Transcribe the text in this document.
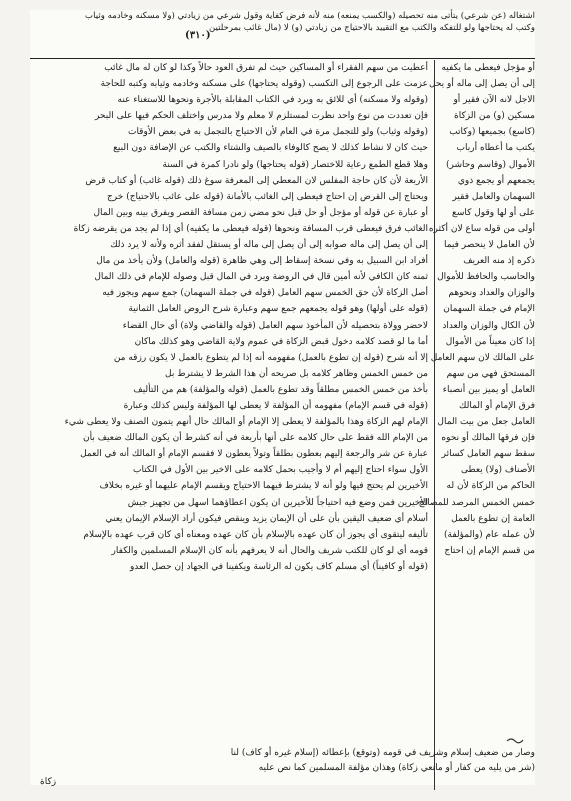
اشتغاله (عن شرعي) يتأتى منه تحصيله (والكسب يمنعه) منه لأنه فرض كفاية وقول شرعي من زيادتي (ولا مسكنه وخادمه وثياب
وكتب له يحتاجها ولو للتفكه والكتب مع التقييد بالاحتياج من زيادتي (و) لا (مال غائب بمرحلتين
(٣١٠)
أو مؤجل فيعطى ما يكفيه
إلى أن يصل إلى ماله أو يحل
الاجل لانه الآن فقير أو
مسكين (و) من الزكاة
(كاسع) بجميعها (وكاتب
يكتب ما أعطاه أرباب
الأموال (وقاسم وحاشر)
يجمعهم أو يجمع ذوي
السهمان والعامل فقير
على أو لها وقول كاسع
أولى من قوله ساع لان أكثره
لأن العامل لا ينحصر فيما
ذكره إذ منه العريف
والحاسب والحافظ للأموال
والوزان والعداد ونحوهم
الإمام في جملة السهمان
لأن الكال والوزان والعداد
إذا كان معيناً من الأموال
على المالك لان سهم العامل
المستحق فهي من سهم
العامل أو يميز بين أنصباء
فرق الإمام أو المالك
العامل جعل من بيت المال
فإن فرقها المالك أو نحوه
سقط سهم العامل كسائر
الأصناف (ولا) يعطى
الحاكم من الزكاة لأن له
خمس الخمس المرصد للمصالح
العامة إن تطوع بالعمل
لأن عمله عام (والمؤلفة)
من قسم الإمام إن احتاج
أعطيت من سهم الفقراء أو المساكين حيث لم تفرق العود حالاً وكذا لو كان له مال غائب
عزمت على الرجوع إلى التكسب (وقوله يحتاجها) على مسكنه وخادمه وثيابه وكتبه للحاجة
(وقوله ولا مسكنه) أي للائق به ويرد في الكتاب المقابلة بالأجرة ونحوها للاستغناء عنه
فإن تعددت من نوع واحد نظرت لمستلزم لا معلم ولا مدرس واختلف الحكم فيها على البحر
(وقوله وثياب) ولو للتجمل مرة في العام لأن الاحتياج بالتجمل به في بعض الأوقات
حيث كان لا نشاط كذلك لا يصح كالوفاء بالصيف والشتاء والكتب عن الإضافة دون البيع
وهلا قطع الطمع رعاية للاختصار (قوله يحتاجها) ولو نادرا كمرة في السنة
الأربعة لأن كان حاجة المفلس لان المعطي إلى المعرفة سوغ ذلك (قوله غائب) أو كتاب قرض
ويحتاج إلى القرض إن احتاج فيعطى إلى الغائب بالأمانة (قوله على عائب بالاحتياج) خرج
أو عبارة عن قوله أو مؤجل أو حل قبل نحو مضي زمن مسافة القصر ويفرق بينه وبين المال
الغائب فرق فيعطى قرب المسافة ونحوها (قوله فيعطى ما يكفيه) أي إذا لم يجد من يقرضه زكاة
إلى أن يصل إلى ماله صوابه إلى أن يصل إلى ماله أو يستقل لفقد أثره ولأنه لا يرد ذلك
أفراد ابن السبيل به وفي نسخة إسقاط إلى وهي ظاهرة (قوله والعامل) ولأن يأخذ من مال
ثمنه كان الكافي لأنه أمين قال في الروضة ويرد في المال قبل وصوله للإمام في ذلك المال
أصل الزكاة لأن حق الخمس سهم العامل (قوله في جملة السهمان) جمع سهم ويجوز فيه
(قوله على أولها) وهو قوله يجمعهم جمع سهم وعبارة شرح الروض العامل الثمانية
لاحضر وولاة بتحصيله لأن المأخوذ سهم العامل (قوله والقاضي ولاة) أي حال القضاء
أما ما لو قصد كلامه دخول قبض الزكاة في عموم ولاية القاضي وهو كذلك ماكان
إلا أنه شرح (قوله إن تطوع بالعمل) مفهومه أنه إذا لم يتطوع بالعمل لا يكون رزقه من
من خمس الخمس وظاهر كلامه بل صريحه أن هذا الشرط لا يشترط بل
بأخذ من خمس الخمس مطلقاً وقد تطوع بالعمل (قوله والمؤلفة) هم من التأليف
(قوله في قسم الإمام) مفهومه أن المؤلفة لا يعطى لها المؤلفة وليس كذلك وعبارة
الإمام لهم الزكاة وهذا بالمؤلفة لا يعطى إلا الإمام أو المالك حال أنهم يتمون الصنف ولا يعطى شيء
من الإمام الله فقط على حال كلامه على أنها بأربعة في أنه كشرط أن يكون المالك ضعيف بأن
عبارة عن شر والرجعة إليهم بعطون بطلقاً وتولاً يعطون لا فقسم الإمام أو المالك أنه في العمل
الأول سواء احتاج إليهم أم لا وأجيب بحمل كلامه على الاخير بين الأول في الكتاب
الأخيرين لم يحتج فيها ولو أنه لا يشترط فيهما الاحتياج ويقسم الإمام عليهما أو غيره بخلاف
الأخيرين فمن وضع فيه احتياجاً للأخيرين ان يكون اعطاؤهما اسهل من تجهيز جيش
أسلام أي ضعيف اليقين بأن على أن الإيمان يزيد وينقص فيكون أراد الإسلام الإيمان يعني
تأليفه ليتقوى أي يجوز أن كان عهده بالإسلام بأن كان عهده ومعناه أي كان قرب عهده بالإسلام
قومه أي لو كان للكتب شريف والحال أنه لا يعرفهم بأنه كان الإسلام المسلمين والكفار
(قوله أو كافيناً) أي مسلم كاف يكون له الرئاسة ويكفينا في الجهاد إن حصل العدو
وصار من ضعيف إسلام وشريف في قومه (وتوقع) بإعطائه (إسلام غيره أو كاف) لنا
(شر من يليه من كفار أو مانعي زكاة) وهذان مؤلفة المسلمين كما نص عليه
زكاة
